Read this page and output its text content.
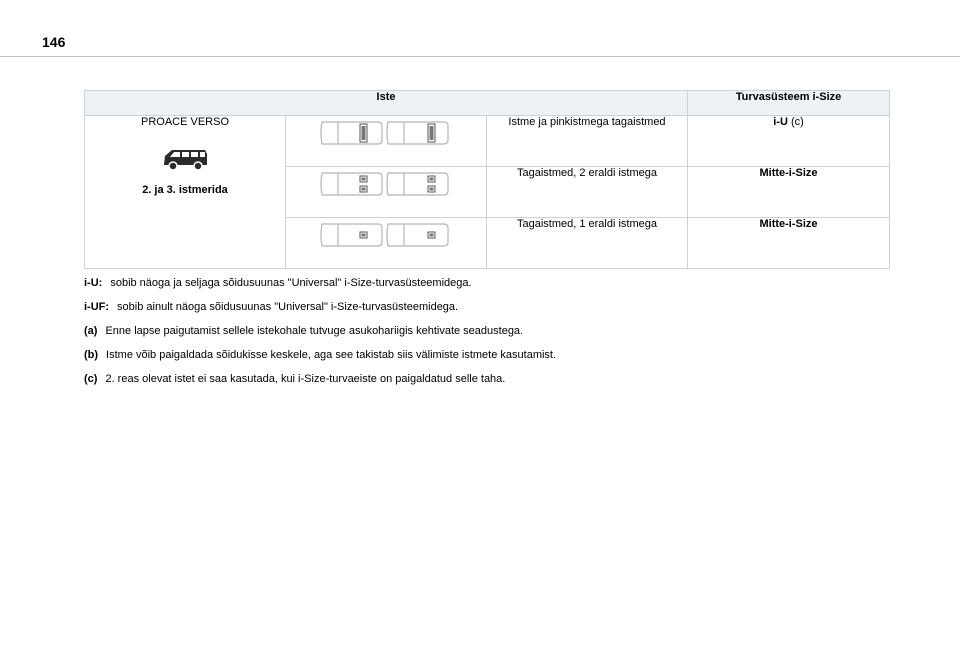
146
Iste			Turvasüsteem i-Size

PROACE VERSO
2. ja 3. istmerida		Istme ja pinkistmega tagaistmed	i-U (c)

	Tagaistmed, 2 eraldi istmega	Mitte-i-Size

	Tagaistmed, 1 eraldi istmega	Mitte-i-Size

i-U: sobib näoga ja seljaga sõidusuunas "Universal" i-Size-turvasüsteemidega.

i-UF: sobib ainult näoga sõidusuunas "Universal" i-Size-turvasüsteemidega.

(a) Enne lapse paigutamist sellele istekohale tutvuge asukohariigis kehtivate seadustega.

(b) Istme võib paigaldada sõidukisse keskele, aga see takistab siis välimiste istmete kasutamist.

(c) 2. reas olevat istet ei saa kasutada, kui i-Size-turvaeiste on paigaldatud selle taha.
